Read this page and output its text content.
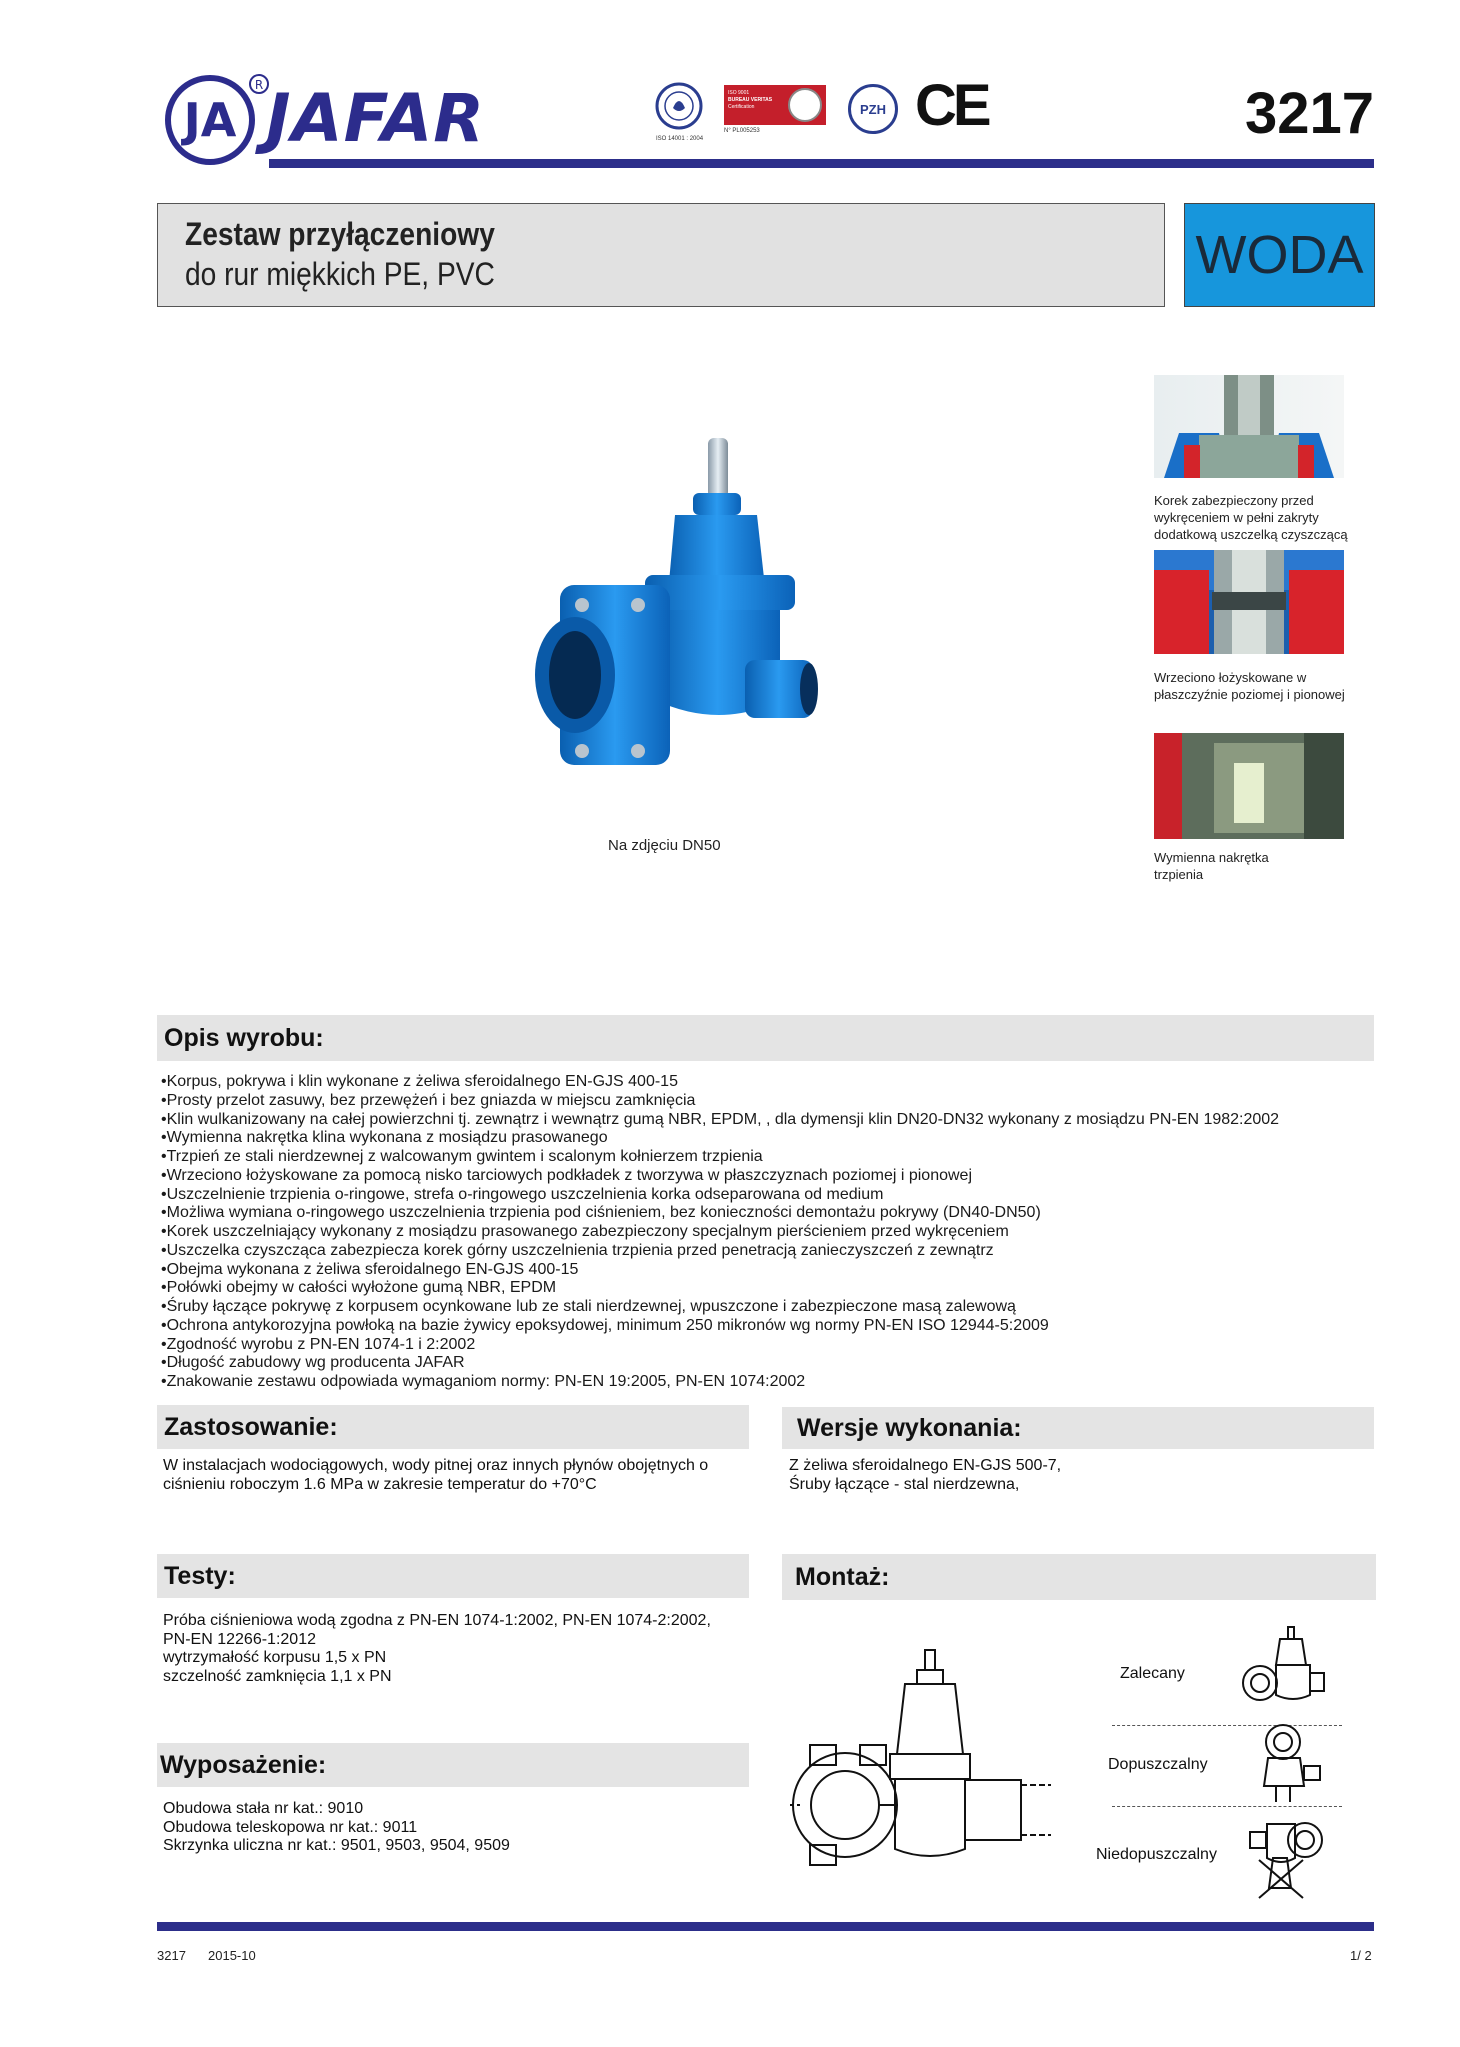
JA
R JAFAR	ISO 14001 : 2004
ISO 9001
BUREAU VERITAS
Certification
N° PL005253
PZH CE	3217
Zestaw przyłączeniowy
do rur miękkich PE, PVC	WODA
Na zdjęciu DN50
Korek zabezpieczony przed wykręceniem w pełni zakryty dodatkową uszczelką czyszczącą
Wrzeciono łożyskowane w płaszczyźnie poziomej i pionowej
Wymienna nakrętka trzpienia
Opis wyrobu:
• Korpus, pokrywa i klin wykonane z żeliwa sferoidalnego EN-GJS 400-15
• Prosty przelot zasuwy, bez przewężeń i bez gniazda w miejscu zamknięcia
• Klin wulkanizowany na całej powierzchni tj. zewnątrz i wewnątrz gumą NBR, EPDM, , dla dymensji klin DN20-DN32 wykonany z mosiądzu PN-EN 1982:2002
• Wymienna nakrętka klina wykonana z mosiądzu prasowanego
• Trzpień ze stali nierdzewnej z walcowanym gwintem i scalonym kołnierzem trzpienia
• Wrzeciono łożyskowane za pomocą nisko tarciowych podkładek z tworzywa w płaszczyznach poziomej i pionowej
• Uszczelnienie trzpienia o-ringowe, strefa o-ringowego uszczelnienia korka odseparowana od medium
• Możliwa wymiana o-ringowego uszczelnienia trzpienia pod ciśnieniem, bez konieczności demontażu pokrywy (DN40-DN50)
• Korek uszczelniający wykonany z mosiądzu prasowanego zabezpieczony specjalnym pierścieniem przed wykręceniem
• Uszczelka czyszcząca zabezpiecza korek górny uszczelnienia trzpienia przed penetracją zanieczyszczeń z zewnątrz
• Obejma wykonana z żeliwa sferoidalnego EN-GJS 400-15
• Połówki obejmy w całości wyłożone gumą NBR, EPDM
• Śruby łączące pokrywę z korpusem ocynkowane lub ze stali nierdzewnej, wpuszczone i zabezpieczone masą zalewową
• Ochrona antykorozyjna powłoką na bazie żywicy epoksydowej, minimum 250 mikronów wg normy PN-EN ISO 12944-5:2009
• Zgodność wyrobu z PN-EN 1074-1 i 2:2002
• Długość zabudowy wg producenta JAFAR
• Znakowanie zestawu odpowiada wymaganiom normy: PN-EN 19:2005, PN-EN 1074:2002
Zastosowanie:
W instalacjach wodociągowych, wody pitnej oraz innych płynów obojętnych o
ciśnieniu roboczym 1.6 MPa w zakresie temperatur do +70°C
Wersje wykonania:
Z żeliwa sferoidalnego EN-GJS 500-7,
Śruby łączące - stal nierdzewna,
Testy:
Próba ciśnieniowa wodą zgodna z PN-EN 1074-1:2002, PN-EN 1074-2:2002,
PN-EN 12266-1:2012
wytrzymałość korpusu 1,5 x PN
szczelność zamknięcia 1,1 x PN
Montaż:
Zalecany
Dopuszczalny
Niedopuszczalny
Wyposażenie:
Obudowa stała nr kat.: 9010
Obudowa teleskopowa nr kat.: 9011
Skrzynka uliczna nr kat.: 9501, 9503, 9504, 9509
3217 2015-10	1/ 2
